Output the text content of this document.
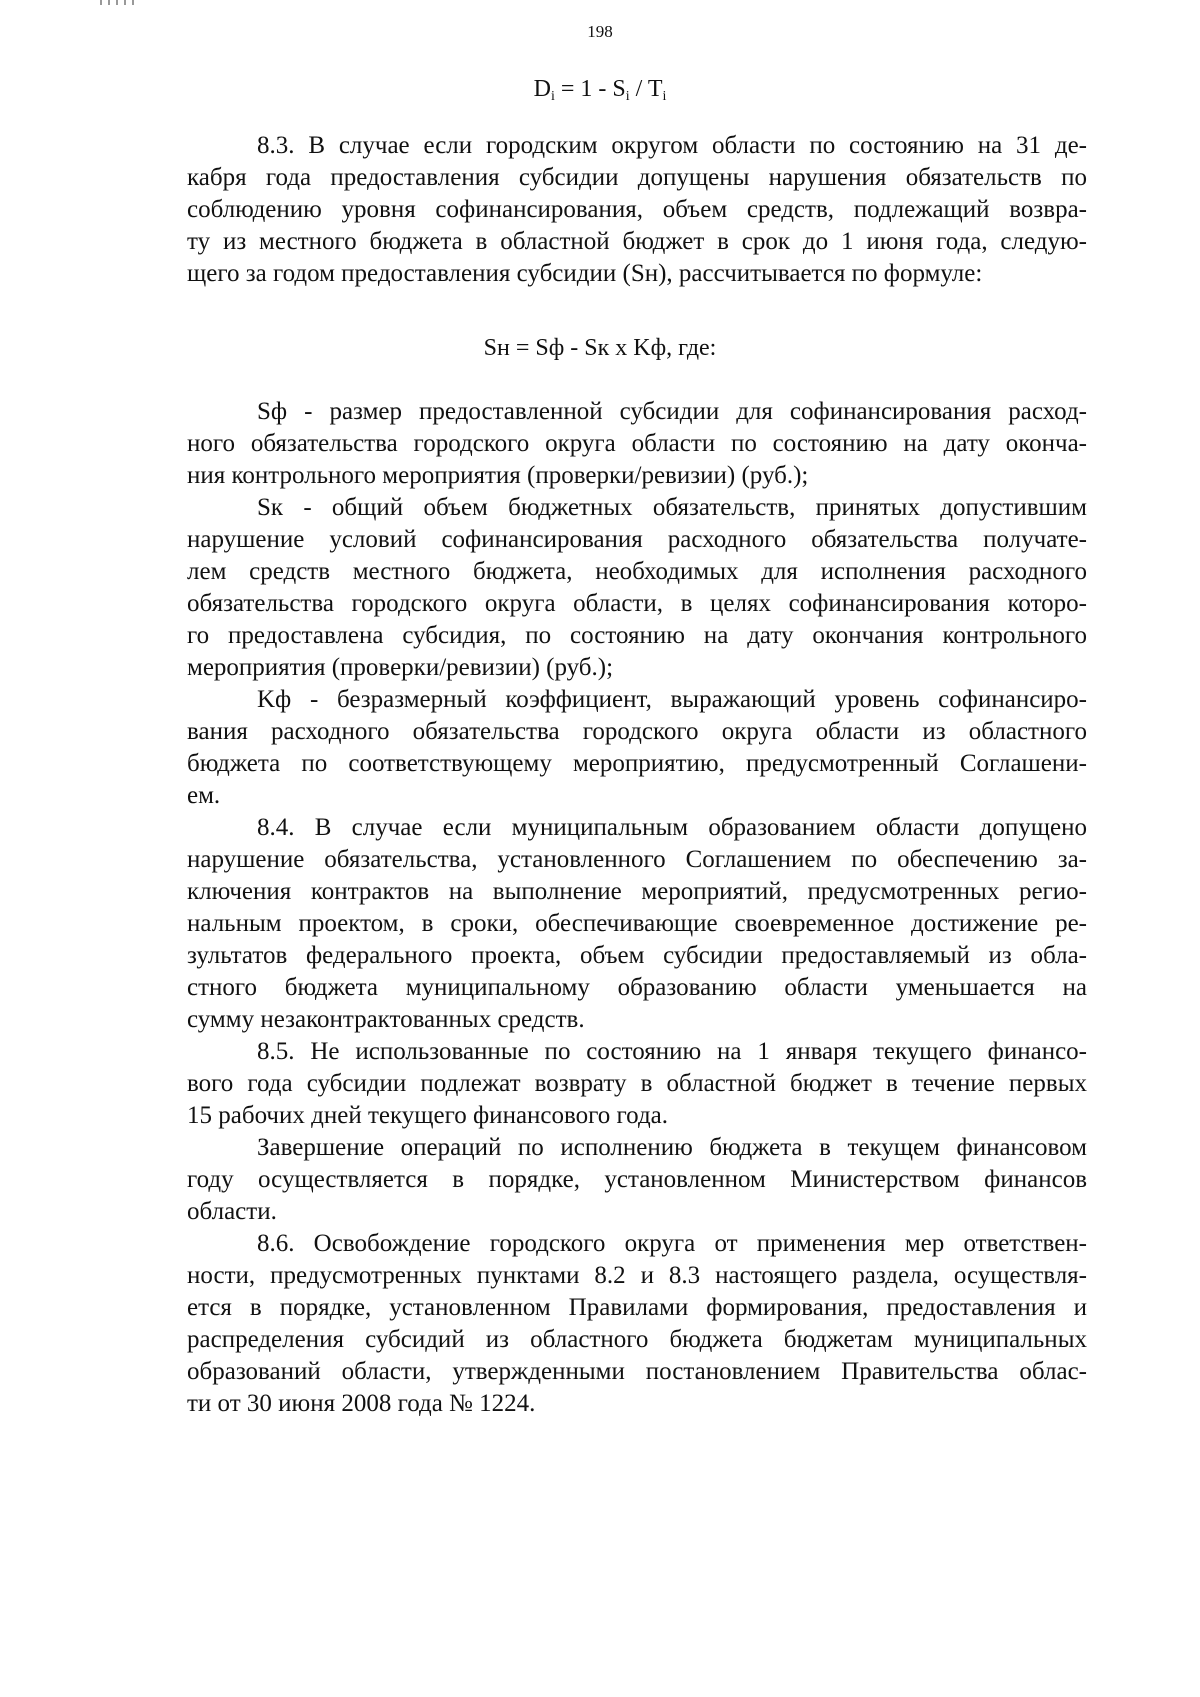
198
$D_i = 1 - S_i / T_i$
Sн = Sф - Sк x Kф, где:
8.3. В случае если городским округом области по состоянию на 31 де-
кабря года предоставления субсидии допущены нарушения обязательств по
соблюдению уровня софинансирования, объем средств, подлежащий возвра-
ту из местного бюджета в областной бюджет в срок до 1 июня года, следую-
щего за годом предоставления субсидии (Sн), рассчитывается по формуле:
Sф - размер предоставленной субсидии для софинансирования расход-
ного обязательства городского округа области по состоянию на дату оконча-
ния контрольного мероприятия (проверки/ревизии) (руб.);
Sк - общий объем бюджетных обязательств, принятых допустившим
нарушение условий софинансирования расходного обязательства получате-
лем средств местного бюджета, необходимых для исполнения расходного
обязательства городского округа области, в целях софинансирования которо-
го предоставлена субсидия, по состоянию на дату окончания контрольного
мероприятия (проверки/ревизии) (руб.);
Kф - безразмерный коэффициент, выражающий уровень софинансиро-
вания расходного обязательства городского округа области из областного
бюджета по соответствующему мероприятию, предусмотренный Соглашени-
ем.
8.4. В случае если муниципальным образованием области допущено
нарушение обязательства, установленного Соглашением по обеспечению за-
ключения контрактов на выполнение мероприятий, предусмотренных регио-
нальным проектом, в сроки, обеспечивающие своевременное достижение ре-
зультатов федерального проекта, объем субсидии предоставляемый из обла-
стного бюджета муниципальному образованию области уменьшается на
сумму незаконтрактованных средств.
8.5. Не использованные по состоянию на 1 января текущего финансо-
вого года субсидии подлежат возврату в областной бюджет в течение первых
15 рабочих дней текущего финансового года.
Завершение операций по исполнению бюджета в текущем финансовом
году осуществляется в порядке, установленном Министерством финансов
области.
8.6. Освобождение городского округа от применения мер ответствен-
ности, предусмотренных пунктами 8.2 и 8.3 настоящего раздела, осуществля-
ется в порядке, установленном Правилами формирования, предоставления и
распределения субсидий из областного бюджета бюджетам муниципальных
образований области, утвержденными постановлением Правительства облас-
ти от 30 июня 2008 года № 1224.
